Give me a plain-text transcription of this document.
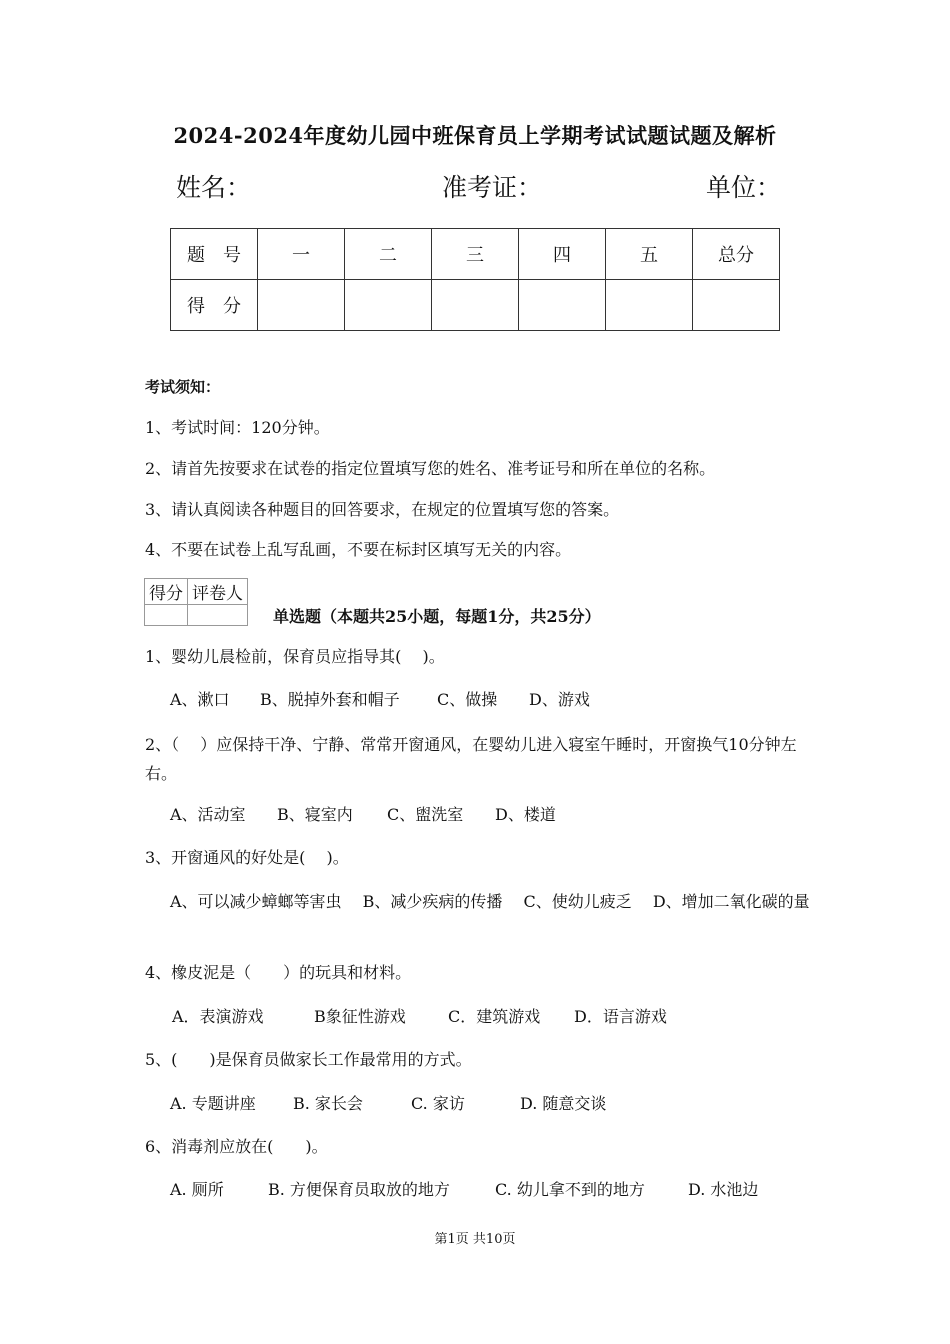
2024-2024年度幼儿园中班保育员上学期考试试题试题及解析
姓名：	准考证：	单位：
题　号	一	二	三	四	五	总分
得　分						
考试须知：
1、考试时间：120分钟。
2、请首先按要求在试卷的指定位置填写您的姓名、准考证号和所在单位的名称。
3、请认真阅读各种题目的回答要求，在规定的位置填写您的答案。
4、不要在试卷上乱写乱画，不要在标封区填写无关的内容。
得分	评卷人

单选题（本题共25小题，每题1分，共25分）
1、婴幼儿晨检前，保育员应指导其(　 )。
A、漱口 B、脱掉外套和帽子 C、做操 D、游戏
2、（　 ）应保持干净、宁静、常常开窗通风，在婴幼儿进入寝室午睡时，开窗换气10分钟左右。
A、活动室 B、寝室内 C、盥洗室 D、楼道
3、开窗通风的好处是(　 )。
A、可以减少蟑螂等害虫　 B、减少疾病的传播　 C、使幼儿疲乏　 D、增加二氧化碳的量
4、橡皮泥是（　　）的玩具和材料。
A．表演游戏	B象征性游戏	C．建筑游戏 D．语言游戏
5、(　　)是保育员做家长工作最常用的方式。
A. 专题讲座 B. 家长会	C. 家访	D. 随意交谈
6、消毒剂应放在(　　)。
A. 厕所	B. 方便保育员取放的地方	C. 幼儿拿不到的地方	D. 水池边
第1页 共10页
